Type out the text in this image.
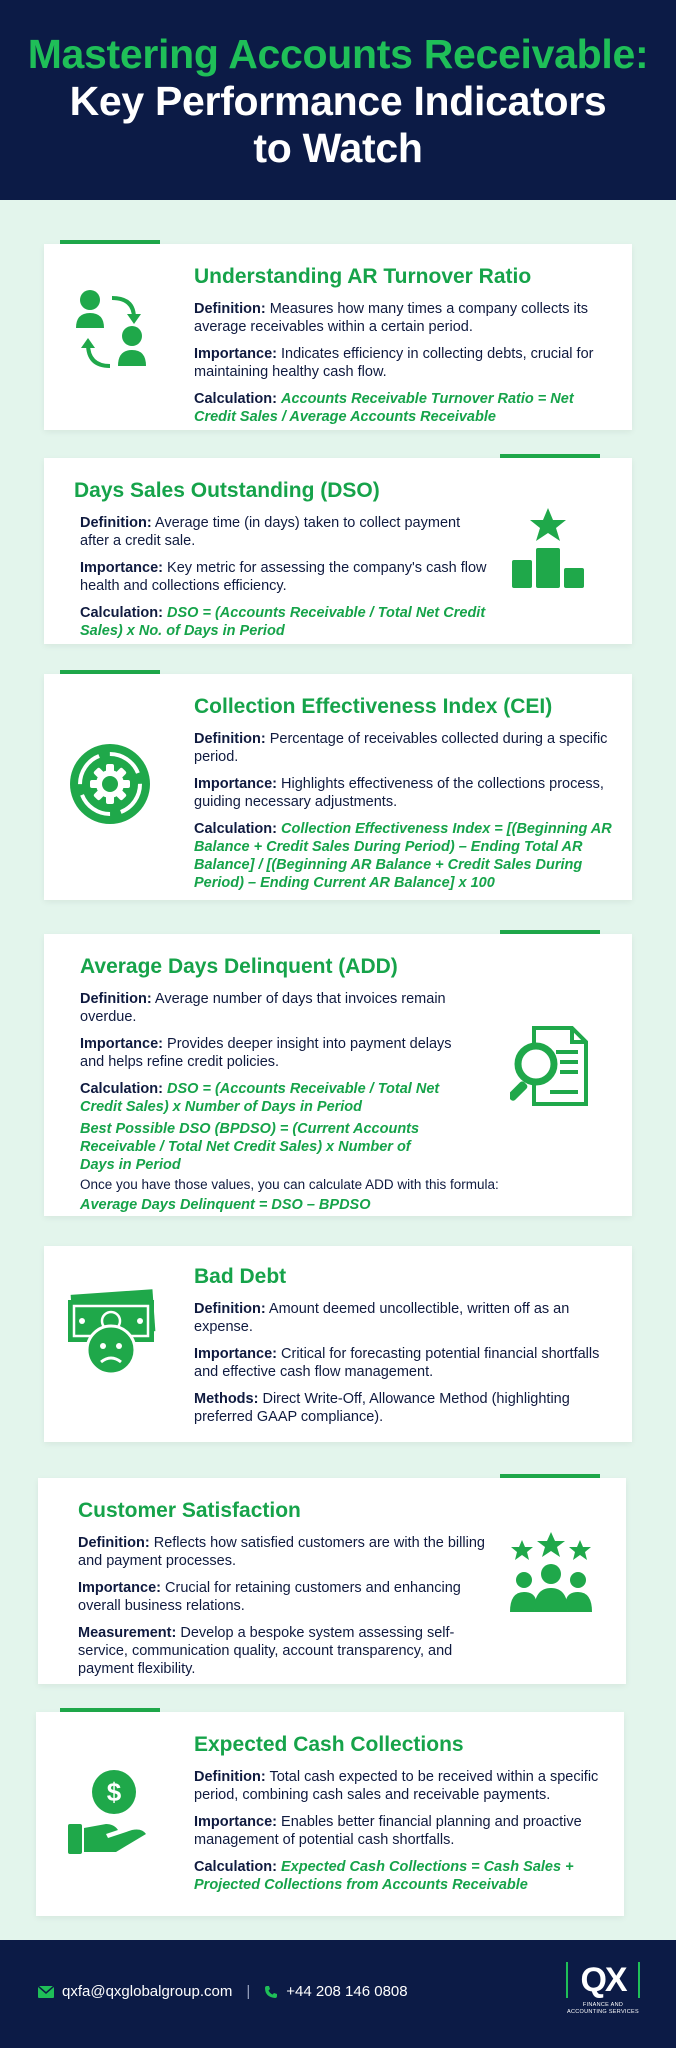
Mastering Accounts Receivable:
Key Performance Indicators
to Watch
Understanding AR Turnover Ratio

Definition: Measures how many times a company collects its average receivables within a certain period.

Importance: Indicates efficiency in collecting debts, crucial for maintaining healthy cash flow.

Calculation: Accounts Receivable Turnover Ratio = Net Credit Sales / Average Accounts Receivable

Days Sales Outstanding (DSO)

Definition: Average time (in days) taken to collect payment after a credit sale.

Importance: Key metric for assessing the company's cash flow health and collections efficiency.

Calculation: DSO = (Accounts Receivable / Total Net Credit Sales) x No. of Days in Period

Collection Effectiveness Index (CEI)

Definition: Percentage of receivables collected during a specific period.

Importance: Highlights effectiveness of the collections process, guiding necessary adjustments.

Calculation: Collection Effectiveness Index = [(Beginning AR Balance + Credit Sales During Period) – Ending Total AR Balance] / [(Beginning AR Balance + Credit Sales During Period) – Ending Current AR Balance] x 100

Average Days Delinquent (ADD)

Definition: Average number of days that invoices remain overdue.

Importance: Provides deeper insight into payment delays and helps refine credit policies.

Calculation: DSO = (Accounts Receivable / Total Net Credit Sales) x Number of Days in Period

Best Possible DSO (BPDSO) = (Current Accounts Receivable / Total Net Credit Sales) x Number of Days in Period

Once you have those values, you can calculate ADD with this formula:

Average Days Delinquent = DSO – BPDSO

Bad Debt

Definition: Amount deemed uncollectible, written off as an expense.

Importance: Critical for forecasting potential financial shortfalls and effective cash flow management.

Methods: Direct Write-Off, Allowance Method (highlighting preferred GAAP compliance).

Customer Satisfaction

Definition: Reflects how satisfied customers are with the billing and payment processes.

Importance: Crucial for retaining customers and enhancing overall business relations.

Measurement: Develop a bespoke system assessing self-service, communication quality, account transparency, and payment flexibility.

$
Expected Cash Collections

Definition: Total cash expected to be received within a specific period, combining cash sales and receivable payments.

Importance: Enables better financial planning and proactive management of potential cash shortfalls.

Calculation: Expected Cash Collections = Cash Sales + Projected Collections from Accounts Receivable

qxfa@qxglobalgroup.com | +44 208 146 0808	QX
FINANCE AND
ACCOUNTING SERVICES
